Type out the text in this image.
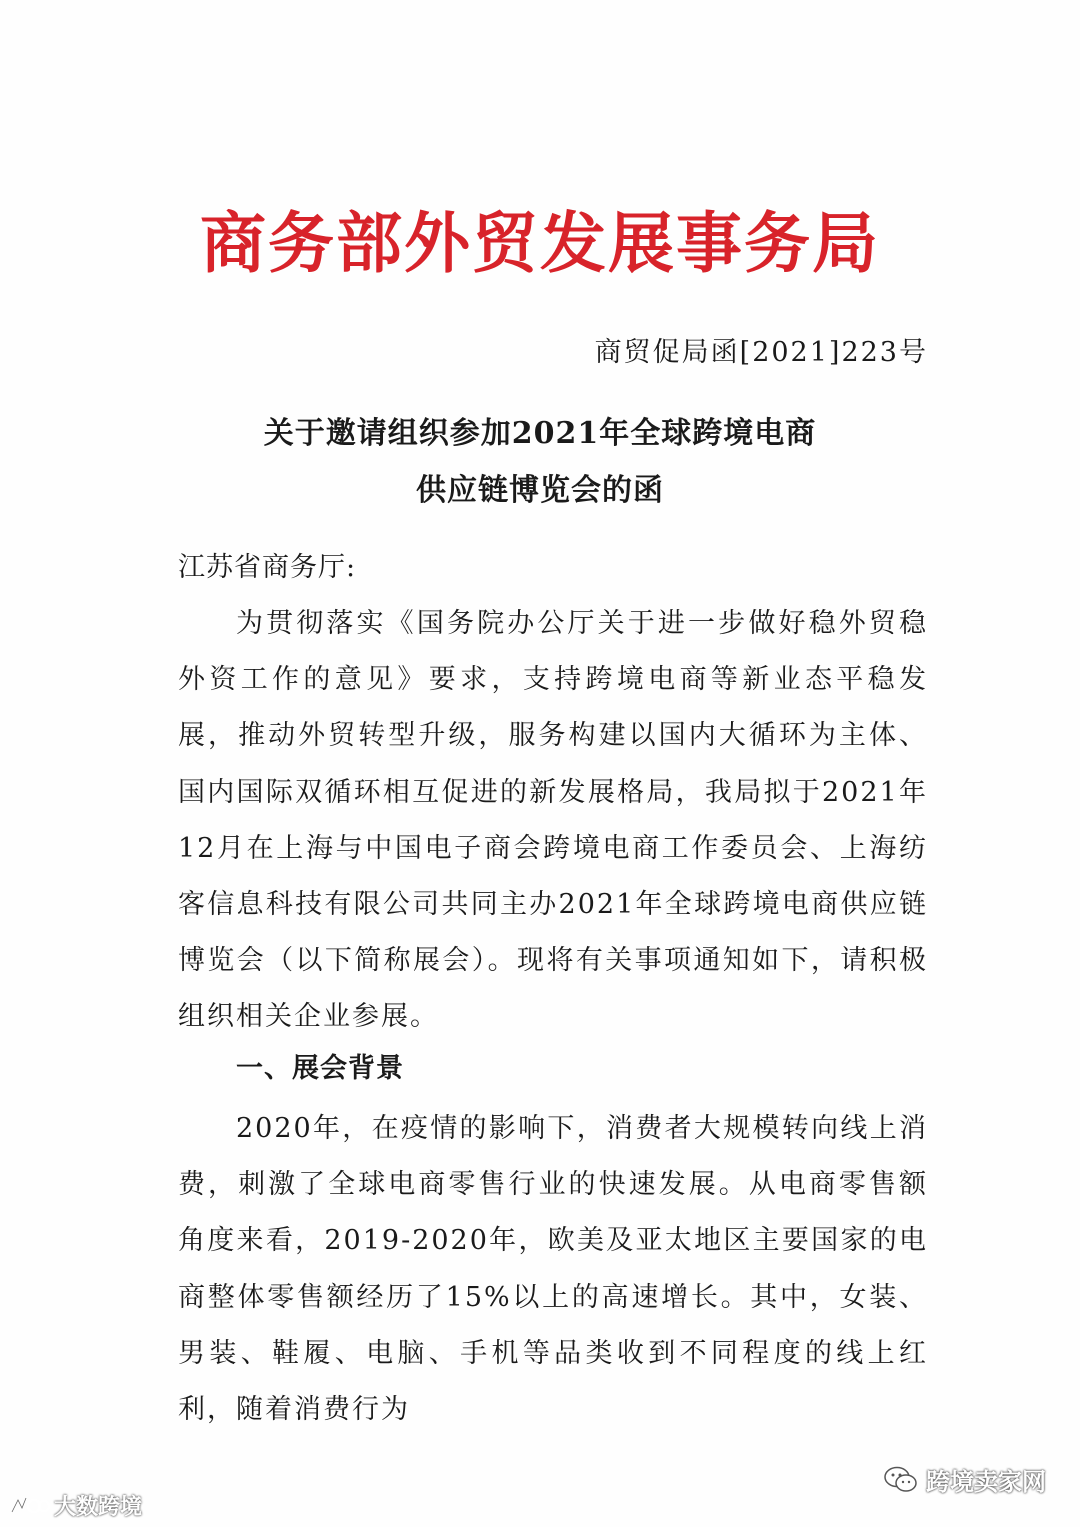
商务部外贸发展事务局
商贸促局函[2021]223号
关于邀请组织参加2021年全球跨境电商
供应链博览会的函
江苏省商务厅:
为贯彻落实《国务院办公厅关于进一步做好稳外贸稳外资工作的意见》要求，支持跨境电商等新业态平稳发展，推动外贸转型升级，服务构建以国内大循环为主体、国内国际双循环相互促进的新发展格局，我局拟于2021年12月在上海与中国电子商会跨境电商工作委员会、上海纺客信息科技有限公司共同主办2021年全球跨境电商供应链博览会（以下简称展会）。现将有关事项通知如下，请积极组织相关企业参展。
一、展会背景
2020年，在疫情的影响下，消费者大规模转向线上消费，刺激了全球电商零售行业的快速发展。从电商零售额角度来看，2019-2020年，欧美及亚太地区主要国家的电商整体零售额经历了15%以上的高速增长。其中，女装、男装、鞋履、电脑、手机等品类收到不同程度的线上红利，随着消费行为
跨境卖家网
大数跨境
